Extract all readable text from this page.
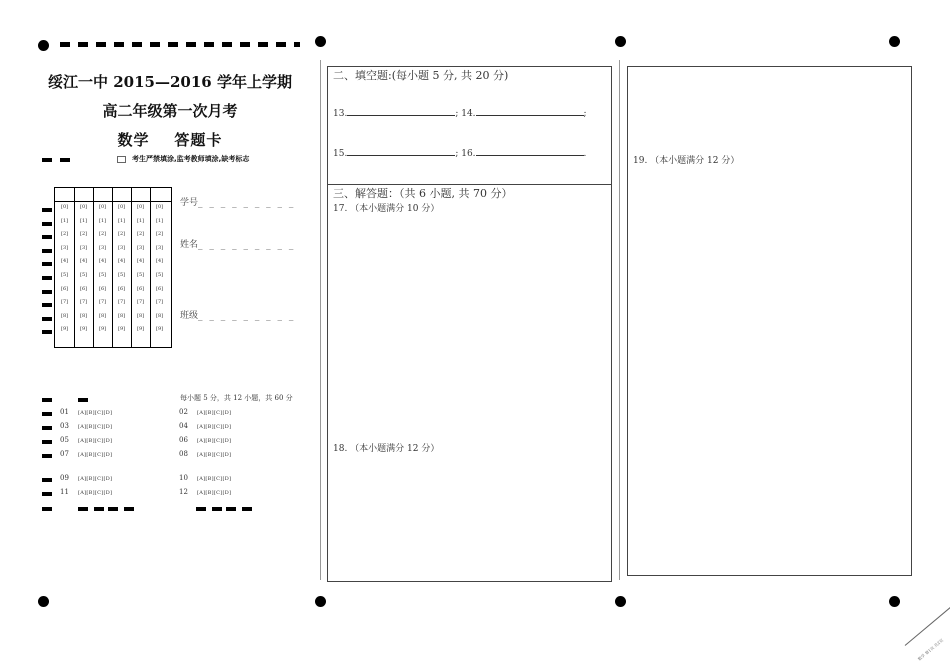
绥江一中 2015—2016 学年上学期
高二年级第一次月考
数学    答题卡
考生严禁填涂,监考教师填涂,缺考标志
[0] [0] [0] [0] [0] [0]
[1] [1] [1] [1] [1] [1]
[2] [2] [2] [2] [2] [2]
[3] [3] [3] [3] [3] [3]
[4] [4] [4] [4] [4] [4]
[5] [5] [5] [5] [5] [5]
[6] [6] [6] [6] [6] [6]
[7] [7] [7] [7] [7] [7]
[8] [8] [8] [8] [8] [8]
[9] [9] [9] [9] [9] [9]
学号_ _ _ _ _ _ _ _ _
姓名_ _ _ _ _ _ _ _ _
班级_ _ _ _ _ _ _ _ _
每小题 5 分，共 12 小题，共 60 分
01 [A][B][C][D]	02 [A][B][C][D]
03 [A][B][C][D]	04 [A][B][C][D]
05 [A][B][C][D]	06 [A][B][C][D]
07 [A][B][C][D]	08 [A][B][C][D]
09 [A][B][C][D]	10 [A][B][C][D]
11 [A][B][C][D]	12 [A][B][C][D]
二、填空题:(每小题 5 分, 共 20 分)
13.	; 14.	;
15.	; 16.	.
三、解答题：（共 6 小题, 共 70 分）
17. （本小题满分 10 分）
18. （本小题满分 12 分）
19. （本小题满分 12 分）
数学 第1页 共2页
